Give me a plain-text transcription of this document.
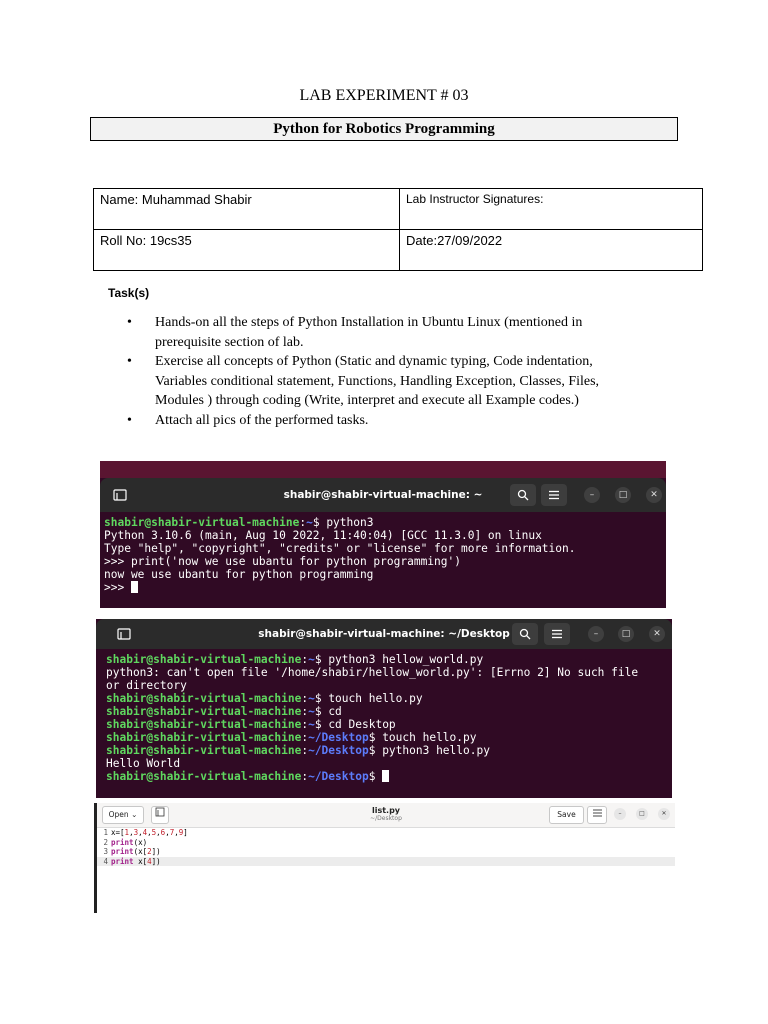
LAB EXPERIMENT # 03
Python for Robotics Programming
Name: Muhammad Shabir	Lab Instructor Signatures:
Roll No: 19cs35	Date:27/09/2022
Task(s)
• Hands-on all the steps of Python Installation in Ubuntu Linux (mentioned in prerequisite section of lab.
• Exercise all concepts of Python (Static and dynamic typing, Code indentation, Variables conditional statement, Functions, Handling Exception, Classes, Files, Modules ) through coding (Write, interpret and execute all Example codes.)
• Attach all pics of the performed tasks.
shabir@shabir-virtual-machine: ~	–	□	✕
shabir@shabir-virtual-machine:~$ python3
Python 3.10.6 (main, Aug 10 2022, 11:40:04) [GCC 11.3.0] on linux
Type "help", "copyright", "credits" or "license" for more information.
>>> print('now we use ubantu for python programming')
now we use ubantu for python programming
>>>
shabir@shabir-virtual-machine: ~/Desktop	–	□	✕
shabir@shabir-virtual-machine:~$ python3 hellow_world.py
python3: can't open file '/home/shabir/hellow_world.py': [Errno 2] No such file
or directory
shabir@shabir-virtual-machine:~$ touch hello.py
shabir@shabir-virtual-machine:~$ cd
shabir@shabir-virtual-machine:~$ cd Desktop
shabir@shabir-virtual-machine:~/Desktop$ touch hello.py
shabir@shabir-virtual-machine:~/Desktop$ python3 hello.py
Hello World
shabir@shabir-virtual-machine:~/Desktop$
Open ⌄	list.py
~/Desktop	Save	–	□	✕
1 x=[1,3,4,5,6,7,9]
2 print(x)
3 print(x[2])
4 print x[4])
